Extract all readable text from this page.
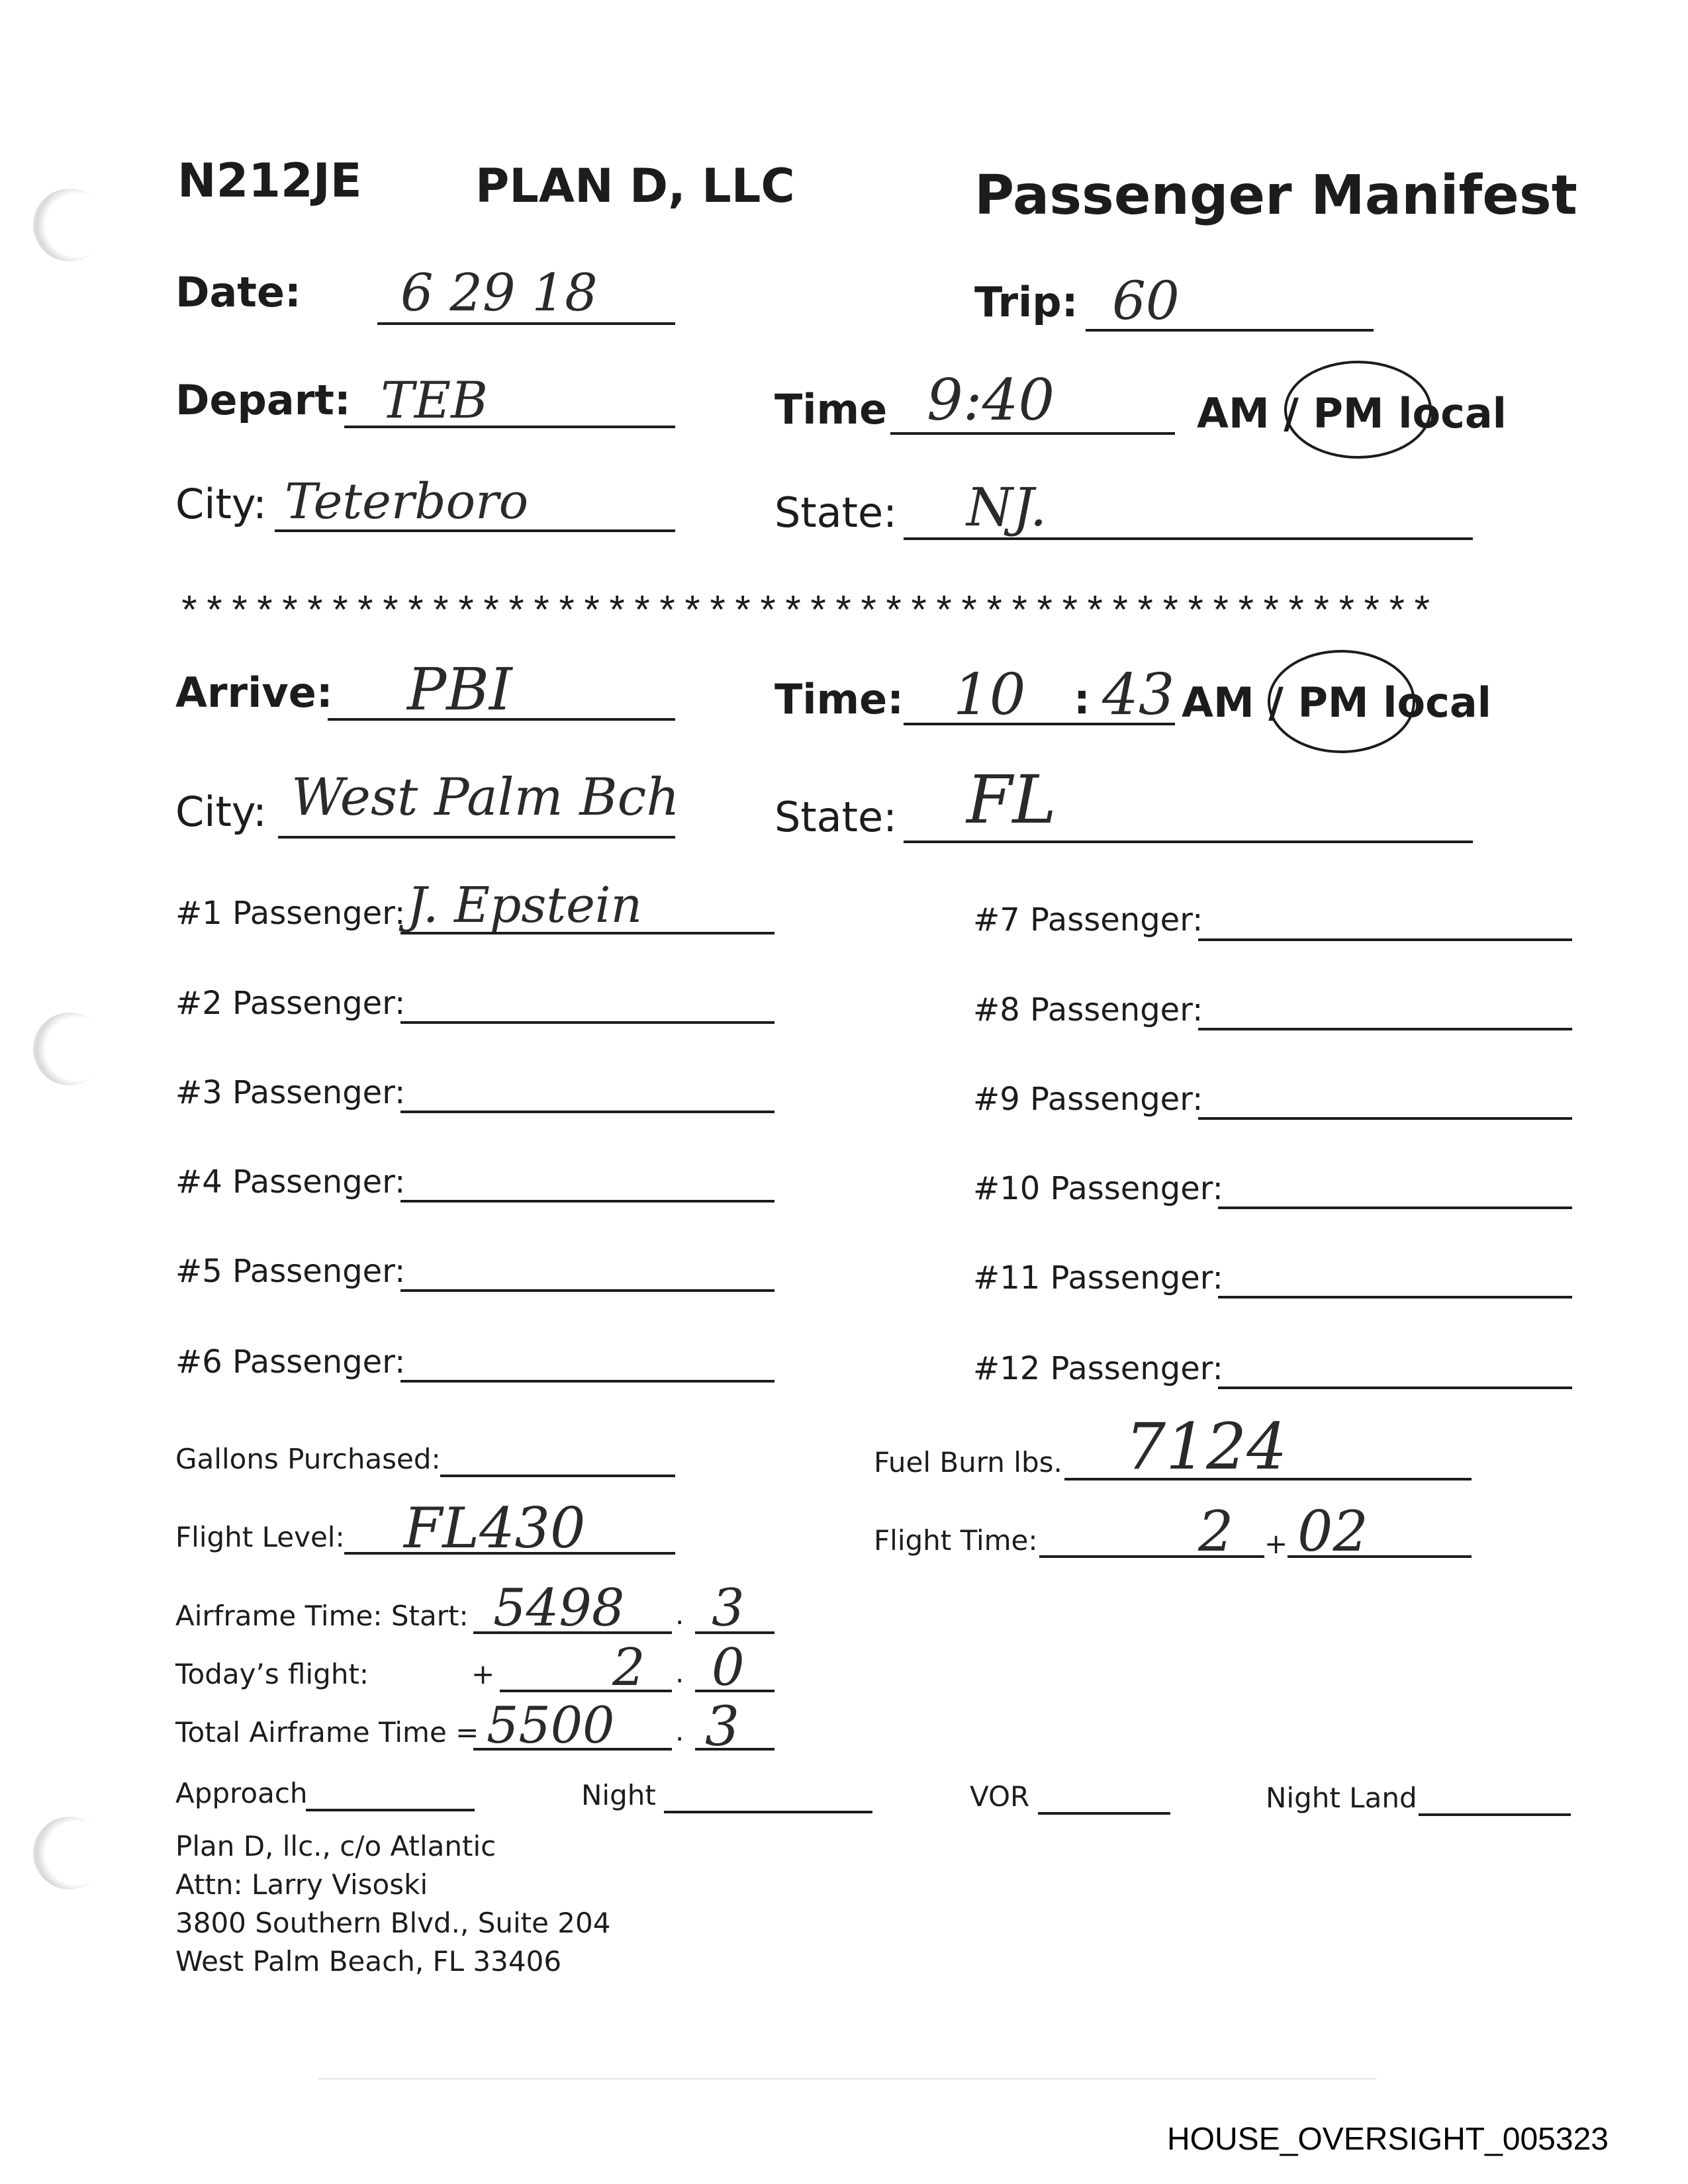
N212JE PLAN D, LLC	Passenger Manifest
Date: 6 29 18	Trip: 60
Depart: TEB	Time 9:40	AM / PM local
City: Teterboro	State: NJ.
**************************************************
Arrive: PBI	Time: 10 : 43 AM / PM local
City: West Palm Bch State: FL
#1 Passenger: J. Epstein
#2 Passenger:
#3 Passenger:
#4 Passenger:
#5 Passenger:
#6 Passenger:
#7 Passenger:
#8 Passenger:
#9 Passenger:
#10 Passenger:
#11 Passenger:
#12 Passenger:
Gallons Purchased:	Fuel Burn lbs. 7124
Flight Level: FL430	Flight Time:	2 + 02
Airframe Time: Start: 5498 . 3
Today’s flight:	+ 2 . 0
Total Airframe Time = 5500 . 3
Approach	Night	VOR	Night Land
Plan D, llc., c/o Atlantic
Attn: Larry Visoski
3800 Southern Blvd., Suite 204
West Palm Beach, FL 33406
HOUSE_OVERSIGHT_005323
